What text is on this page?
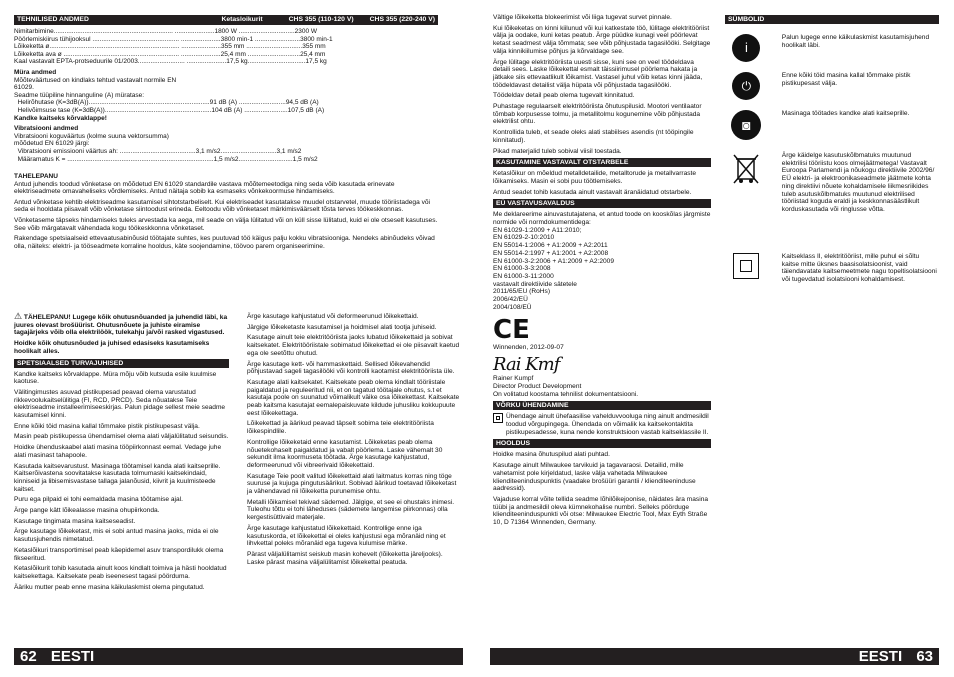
TEHNILISED ANDMED	Ketasloikurit	CHS 355 (110-120 V) CHS 355 (220-240 V)
Nimitarbimine.................................................................. ......................1800 W ...............................2300 W
Pöörlemiskiirus tühijooksul ................................................ ......................3800 min-1 .........................3800 min-1
Lõikeketta ø........................................................................ ......................355 mm ...............................355 mm
Lõikeketta ava ø ................................................................ ......................25,4 mm .............................25,4 mm
Kaal vastavalt EPTA-protseduurile 01/2003.......................... ......................17,5 kg................................17,5 kg
Müra andmed
Mõõteväärtused on kindlaks tehtud vastavalt normile EN
61029.
Seadme tüüpiline hinnanguline (A) müratase:
Helirõhutase (K=3dB(A))...................................................................91 dB (A) ..........................94,5 dB (A)
Helivõimsuse tase (K=3dB(A))...........................................................104 dB (A) ........................107,5 dB (A)
Kandke kaitseks kõrvaklappe!
Vibratsiooni andmed
Vibratsiooni koguväärtus (kolme suuna vektorsumma)
mõõdetud EN 61029 järgi:
Vibratsiooni emissiooni väärtus ah: ..........................................3,1 m/s2...............................3,1 m/s2
Määramatus K = .................................................................................1,5 m/s2..............................1,5 m/s2
TÄHELEPANU
Antud juhendis toodud võnketase on mõõdetud EN 61029 standardile vastava mõõtemeetodiga ning seda võib kasutada erinevate elektriseadmete omavaheliseks võrdlemiseks. Antud näitaja sobib ka esmaseks võnkekoormuse hindamiseks.
Antud võnketase kehtib elektriseadme kasutamisel sihtotstarbeliselt. Kui elektriseadet kasutatakse muudel otstarvetel, muude tööriistadega või seda ei hooldata piisavalt võib võnketase siintoodust erineda. Eeltoodu võib võnketaset märkimisväärselt tõsta terves töökeskkonnas.
Võnketaseme täpseks hindamiseks tuleks arvestada ka aega, mil seade on välja lülitatud või on küll sisse lülitatud, kuid ei ole otseselt kasutuses. See võib märgatavalt vähendada kogu töökeskkonna võnketaset.
Rakendage spetsiaalseid ettevaatusabinõusid töötajate suhtes, kes puutuvad töö käigus palju kokku vibratsiooniga. Nendeks abinõudeks võivad olla, näiteks: elektri- ja tööseadmete korraline hooldus, käte soojendamine, töövoo parem organiseerimine.
⚠ TÄHELEPANU! Lugege kõik ohutusnõuanded ja juhendid läbi, ka juures olevast brošüürist. Ohutusnõuete ja juhiste eiramise tagajärjeks võib olla elektrilöök, tulekahju ja/või rasked vigastused.
Hoidke kõik ohutusnõuded ja juhised edasiseks kasutamiseks hoolikalt alles.
SPETSIAALSED TURVAJUHISED
Kandke kaitseks kõrvaklappe. Müra mõju võib kutsuda esile kuulmise kaotuse.
Välitingimustes asuvad pistikupesad peavad olema varustatud rikkevoolukaitselülitiga (FI, RCD, PRCD). Seda nõuatakse Teie elektriseadme installeerimiseeskirjas. Palun pidage sellest meie seadme kasutamisel kinni.
Enne kõiki töid masina kallal tõmmake pistik pistikupesast välja.
Masin peab pistikupessa ühendamisel olema alati väljalülitatud seisundis.
Hoidke ühenduskaabel alati masina tööpiirkonnast eemal. Vedage juhe alati masinast tahapoole.
Kasutada kaitsevarustust. Masinaga töötamisel kanda alati kaitseprille. Kaitserõivastena soovitatakse kasutada tolmumaski kaitsekindaid, kinniseid ja libisemisvastase tallaga jalanõusid, kiivrit ja kuulmisteede kaitset.
Puru ega pilpaid ei tohi eemaldada masina töötamise ajal.
Ärge pange kätt lõikealasse masina ohupiirkonda.
Kasutage tingimata masina kaitseseadist.
Ärge kasutage lõikeketast, mis ei sobi antud masina jaoks, mida ei ole kasutusjuhendis nimetatud.
Ketaslõikuri transportimisel peab käepidemel asuv transpordilukk olema fikseeritud.
Ketaslõikurit tohib kasutada ainult koos kindlalt toimiva ja hästi hooldatud kaitsekettaga. Kaitsekate peab iseenesest tagasi pöörduma.
Ääriku mutter peab enne masina käikulaskmist olema pingutatud.
Ärge kasutage kahjustatud või deformeerunud lõikekettaid.
Järgige lõikeketaste kasutamisel ja hoidmisel alati tootja juhiseid.
Kasutage ainult teie elektritööriista jaoks lubatud lõikekettaid ja sobivat kaitsekatet. Elektritööriistale sobimatud lõikekettad ei ole piisavalt kaetud ega ole seetõttu ohutud.
Ärge kasutage kett- või hammaskettaid. Sellised lõikevahendid põhjustavad sageli tagasilööki või kontrolli kaotamist elektritööriista üle.
Kasutage alati kaitsekatet. Kaitsekate peab olema kindlalt tööriistale paigaldatud ja reguleeritud nii, et on tagatud töötajale ohutus, s.t et kasutaja poole on suunatud võimalikult väike osa lõikekettast. Kaitsekate peab kaitsma kasutajat eemalepaiskuvate kildude juhusliku kokkupuute eest lõikekettaga.
Lõikekettad ja äärikud peavad täpselt sobima teie elektritööriista lõikespindlile.
Kontrollige lõikeketaid enne kasutamist. Lõikeketas peab olema nõuetekohaselt paigaldatud ja vabalt pöörlema. Laske vähemalt 30 sekundit ilma koormuseta töötada. Ärge kasutage kahjustatud, deformeerunud või vibreerivaid lõikekettaid.
Kasutage Teie poolt valitud lõikekettaid alati laitmatus korras ning töge suuruse ja kujuga pingutusäärikut. Sobivad äärikud toetavad lõikeketast ja vähendavad nii lõikeketta purunemise ohtu.
Metalli lõikamisel tekivad sädemed. Jälgige, et see ei ohustaks inimesi. Tuleohu tõttu ei tohi läheduses (sädemete langemise piirkonnas) olla kergestisüttivaid materjale.
Ärge kasutage kahjustatud lõikekettaid. Kontrollige enne iga kasutuskorda, et lõikekettal ei oleks kahjustusi ega mõranäid ning et lihvkettal poleks mõranäid ega tugeva kulumise märke.
Pärast väljalülitamist seiskub masin kohevelt (lõikeketta järeljooks). Laske pärast masina väljalülitamist lõikekettal peatuda.
Vältige lõikeketta blokeerimist või liiga tugevat survet pinnale.
Kui lõikeketas on kinni kiilunud või kui katkestate töö, lülitage elektritööriist välja ja oodake, kuni ketas peatub. Ärge püüdke kunagi veel pöörlevat ketast seadmest välja tõmmata; see võib põhjustada tagasilööki. Selgitage välja kinnikiilumise põhjus ja kõrvaldage see.
Ärge lülitage elektritööriista uuesti sisse, kuni see on veel töödeldava detaili sees. Laske lõikekettal esmalt täissiirimusel pöörlema hakata ja jätkake siis ettevaatlikult lõikamist. Vastasel juhul võib ketas kinni jääda, töödeldavast detailist välja hüpata või põhjustada tagasilööki.
Töödeldav detail peab olema tugevalt kinnitatud.
Puhastage regulaarselt elektritööriista õhutuspilusid. Mootori ventilaator tõmbab korpusesse tolmu, ja metallitolmu kogunemine võib põhjustada elektrilist ohtu.
Kontrollida tuleb, et seade oleks alati stabiilses asendis (nt tööpingile kinnitatud).
Pikad materjalid tuleb sobival viisil toestada.
KASUTAMINE VASTAVALT OTSTARBELE
Ketaslõikur on mõeldud metalldetailide, metalltorude ja metallvarraste lõikamiseks. Masin ei sobi puu töötlemiseks.
Antud seadet tohib kasutada ainult vastavalt äranäidatud otstarbele.
EÜ VASTAVUSAVALDUS
Me deklareerime ainuvastutajatena, et antud toode on kooskõlas järgmiste normide või normdokumentidega:
EN 61029-1:2009 + A11:2010;
EN 61029-2-10:2010
EN 55014-1:2006 + A1:2009 + A2:2011
EN 55014-2:1997 + A1:2001 + A2:2008
EN 61000-3-2:2006 + A1:2009 + A2:2009
EN 61000-3-3:2008
EN 61000-3-11:2000
vastavalt direktiivide sätetele
2011/65/EU (RoHs)
2006/42/EÜ
2004/108/EÜ
CE
Winnenden, 2012-09-07
Rai Kmf
Rainer Kumpf
Director Product Development
On volitatud koostama tehnilist dokumentatsiooni.
VÕRKU ÜHENDAMINE
Ühendage ainult ühefaasilise vahelduvvooluga ning ainult andmesildil toodud võrgupingega. Ühendada on võimalik ka kaitsekontaktita pistikupesadesse, kuna nende konstruktsioon vastab kaitseklassile II.
HOOLDUS
Hoidke masina õhutuspilud alati puhtad.
Kasutage ainult Milwaukee tarvikuid ja tagavaraosi. Detailid, mille vahetamist pole kirjeldatud, laske välja vahetada Milwaukee klienditeeninduspunktis (vaadake brošüüri garantii / klienditeeninduse aadressid).
Vajaduse korral võite tellida seadme lõhilõikejoonise, näidates ära masina tüübi ja andmesildil oleva kümnekohalise numbri. Selleks pöörduge klienditeeninduspunkti või otse: Milwaukee Electric Tool, Max Eyth Straße 10, D 71364 Winnenden, Germany.
SÜMBOLID
i
Palun lugege enne käikulaskmist kasutamisjuhend hoolikalt läbi.
⏻
Enne kõiki töid masina kallal tõmmake pistik pistikupesast välja.
◙
Masinaga töötades kandke alati kaitseprille.
Ärge käidelge kasutuskõlbmatuks muutunud elektrilisi tööriistu koos olmejäätmetega! Vastavalt Euroopa Parlamendi ja nõukogu direktiivile 2002/96/ EÜ elektri- ja elektroonikaseadmete jäätmete kohta ning direktiivi nõuete kohaldamisele liikmesriikides tuleb asutuskõlbmatuks muutunud elektrilised tööriistad koguda eraldi ja keskkonnasäästlikult korduskasutada või ringlusse võtta.
Kaitseklass II, elektritööriist, mille puhul ei sõltu kaitse mitte üksnes baasisolatsioonist, vaid täiendavatate kaitsemeetmete nagu topeltisolatsiooni või tugevdatud isolatsiooni kohaldamisest.
62 EESTI	EESTI 63
